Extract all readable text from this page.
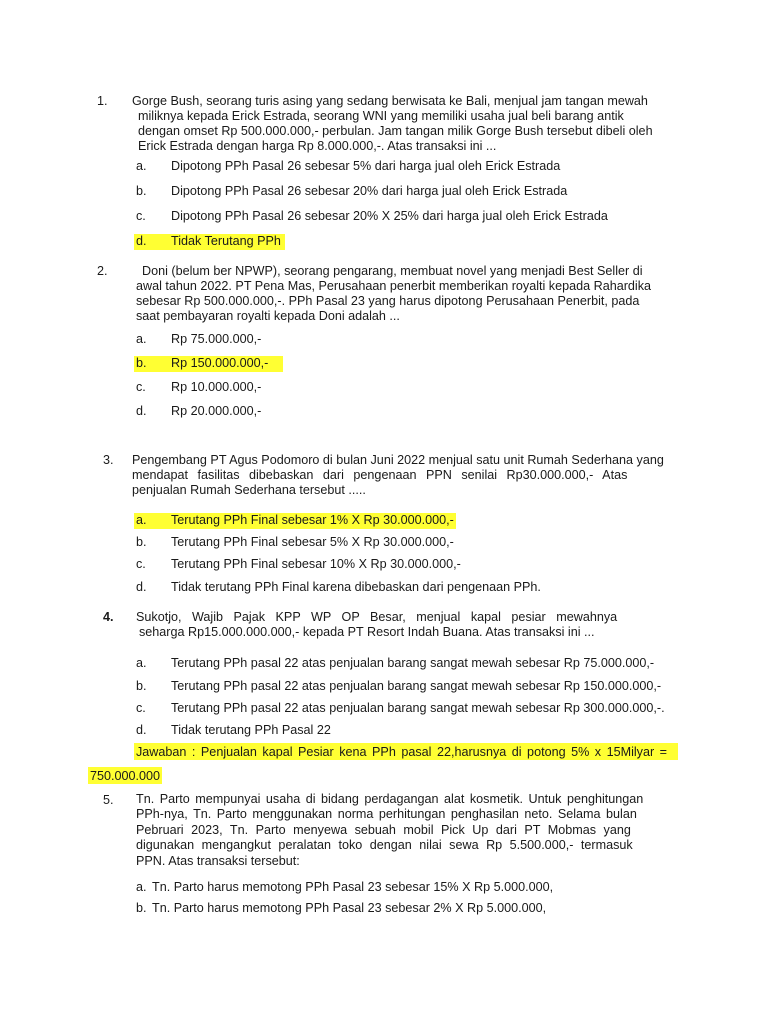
1. Gorge Bush, seorang turis asing yang sedang berwisata ke Bali, menjual jam tangan mewah
miliknya kepada Erick Estrada, seorang WNI yang memiliki usaha jual beli barang antik
dengan omset Rp 500.000.000,- perbulan. Jam tangan milik Gorge Bush tersebut dibeli oleh
Erick Estrada dengan harga Rp 8.000.000,-. Atas transaksi ini ...
a. Dipotong PPh Pasal 26 sebesar 5% dari harga jual oleh Erick Estrada
b. Dipotong PPh Pasal 26 sebesar 20% dari harga jual oleh Erick Estrada
c. Dipotong PPh Pasal 26 sebesar 20% X 25% dari harga jual oleh Erick Estrada
d. Tidak Terutang PPh
2.	Doni (belum ber NPWP), seorang pengarang, membuat novel yang menjadi Best Seller di
awal tahun 2022. PT Pena Mas, Perusahaan penerbit memberikan royalti kepada Rahardika
sebesar Rp 500.000.000,-. PPh Pasal 23 yang harus dipotong Perusahaan Penerbit, pada
saat pembayaran royalti kepada Doni adalah ...
a. Rp 75.000.000,-
b. Rp 150.000.000,-
c. Rp 10.000.000,-
d. Rp 20.000.000,-
3. Pengembang PT Agus Podomoro di bulan Juni 2022 menjual satu unit Rumah Sederhana yang
mendapat fasilitas dibebaskan dari pengenaan PPN senilai Rp30.000.000,- Atas
penjualan Rumah Sederhana tersebut .....
a. Terutang PPh Final sebesar 1% X Rp 30.000.000,-
b. Terutang PPh Final sebesar 5% X Rp 30.000.000,-
c. Terutang PPh Final sebesar 10% X Rp 30.000.000,-
d. Tidak terutang PPh Final karena dibebaskan dari pengenaan PPh.
4. Sukotjo, Wajib Pajak KPP WP OP Besar, menjual kapal pesiar mewahnya
seharga Rp15.000.000.000,- kepada PT Resort Indah Buana. Atas transaksi ini ...
a. Terutang PPh pasal 22 atas penjualan barang sangat mewah sebesar Rp 75.000.000,-
b. Terutang PPh pasal 22 atas penjualan barang sangat mewah sebesar Rp 150.000.000,-
c. Terutang PPh pasal 22 atas penjualan barang sangat mewah sebesar Rp 300.000.000,-.
d. Tidak terutang PPh Pasal 22
Jawaban : Penjualan kapal Pesiar kena PPh pasal 22,harusnya di potong 5% x 15Milyar =
750.000.000
5. Tn. Parto mempunyai usaha di bidang perdagangan alat kosmetik. Untuk penghitungan
PPh-nya, Tn. Parto menggunakan norma perhitungan penghasilan neto. Selama bulan
Pebruari 2023, Tn. Parto menyewa sebuah mobil Pick Up dari PT Mobmas yang
digunakan mengangkut peralatan toko dengan nilai sewa Rp 5.500.000,- termasuk
PPN. Atas transaksi tersebut:
a. Tn. Parto harus memotong PPh Pasal 23 sebesar 15% X Rp 5.000.000,
b. Tn. Parto harus memotong PPh Pasal 23 sebesar 2% X Rp 5.000.000,
